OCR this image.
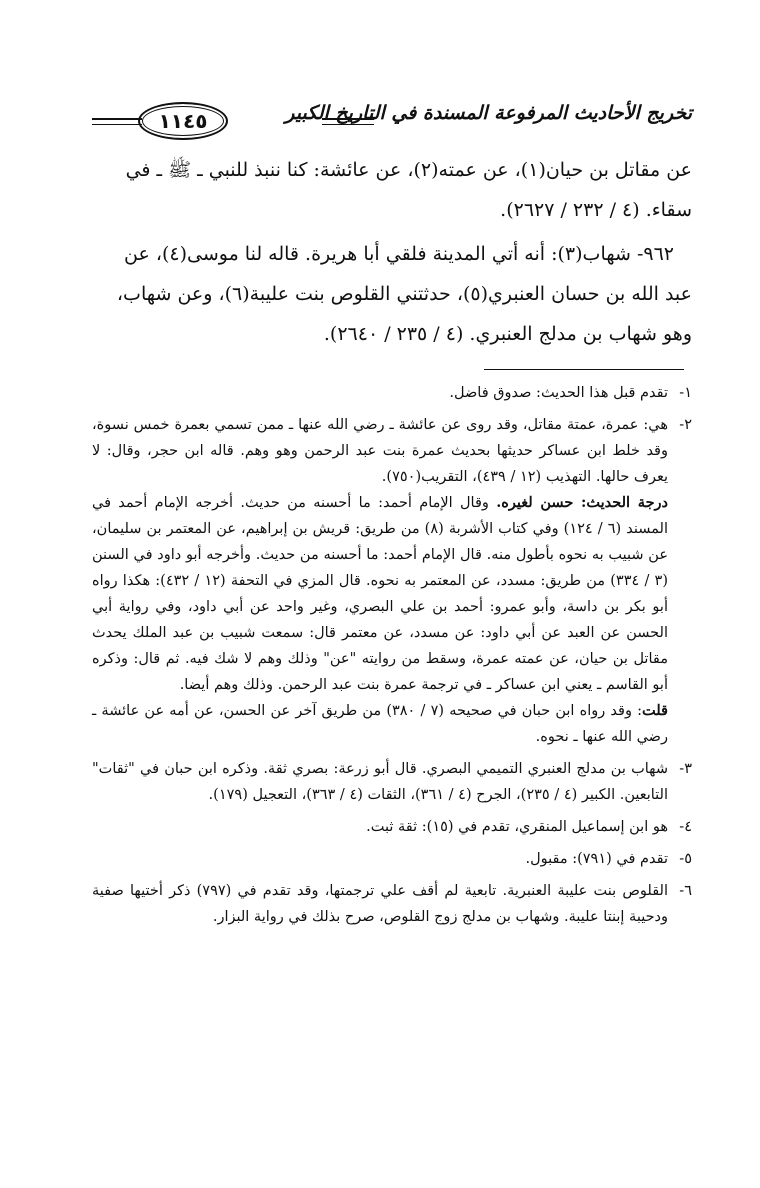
تخريج الأحاديث المرفوعة المسندة في التاريخ الكبير
١١٤٥

عن مقاتل بن حيان(١)، عن عمته(٢)، عن عائشة: كنا ننبذ للنبي ـ ﷺ ـ في

سقاء. (٤ / ٢٣٢ / ٢٦٢٧).

٩٦٢- شهاب(٣): أنه أتي المدينة فلقي أبا هريرة. قاله لنا موسى(٤)، عن

عبد الله بن حسان العنبري(٥)، حدثتني القلوص بنت عليبة(٦)، وعن شهاب،

وهو شهاب بن مدلج العنبري. (٤ / ٢٣٥ / ٢٦٤٠).

١-

تقدم قبل هذا الحديث: صدوق فاضل.

٢-

هي: عمرة، عمتة مقاتل، وقد روى عن عائشة ـ رضي الله عنها ـ ممن تسمي بعمرة خمس نسوة، وقد خلط ابن عساكر حديثها بحديث عمرة بنت عبد الرحمن وهو وهم. قاله ابن حجر، وقال: لا يعرف حالها. التهذيب (١٢ / ٤٣٩)، التقريب(٧٥٠).

درجة الحديث: حسن لغيره. وقال الإمام أحمد: ما أحسنه من حديث. أخرجه الإمام أحمد في المسند (٦ / ١٢٤) وفي كتاب الأشربة (٨) من طريق: قريش بن إبراهيم، عن المعتمر بن سليمان، عن شبيب به نحوه بأطول منه. قال الإمام أحمد: ما أحسنه من حديث. وأخرجه أبو داود في السنن (٣ / ٣٣٤) من طريق: مسدد، عن المعتمر به نحوه. قال المزي في التحفة (١٢ / ٤٣٢): هكذا رواه أبو بكر بن داسة، وأبو عمرو: أحمد بن علي البصري، وغير واحد عن أبي داود، وفي رواية أبي الحسن عن العبد عن أبي داود: عن مسدد، عن معتمر قال: سمعت شبيب بن عبد الملك يحدث مقاتل بن حيان، عن عمته عمرة، وسقط من روايته "عن" وذلك وهم لا شك فيه. ثم قال: وذكره أبو القاسم ـ يعني ابن عساكر ـ في ترجمة عمرة بنت عبد الرحمن. وذلك وهم أيضا.

قلت: وقد رواه ابن حبان في صحيحه (٧ / ٣٨٠) من طريق آخر عن الحسن، عن أمه عن عائشة ـ رضي الله عنها ـ نحوه.

٣-

شهاب بن مدلج العنبري التميمي البصري. قال أبو زرعة: بصري ثقة. وذكره ابن حبان في "ثقات" التابعين. الكبير (٤ / ٢٣٥)، الجرح (٤ / ٣٦١)، الثقات (٤ / ٣٦٣)، التعجيل (١٧٩).

٤-

هو ابن إسماعيل المنقري، تقدم في (١٥): ثقة ثبت.

٥-

تقدم في (٧٩١): مقبول.

٦-

القلوص بنت عليبة العنبرية. تابعية لم أقف علي ترجمتها، وقد تقدم في (٧٩٧) ذكر أختيها صفية ودحيبة إبنتا عليبة. وشهاب بن مدلج زوج القلوص، صرح بذلك في رواية البزار.
